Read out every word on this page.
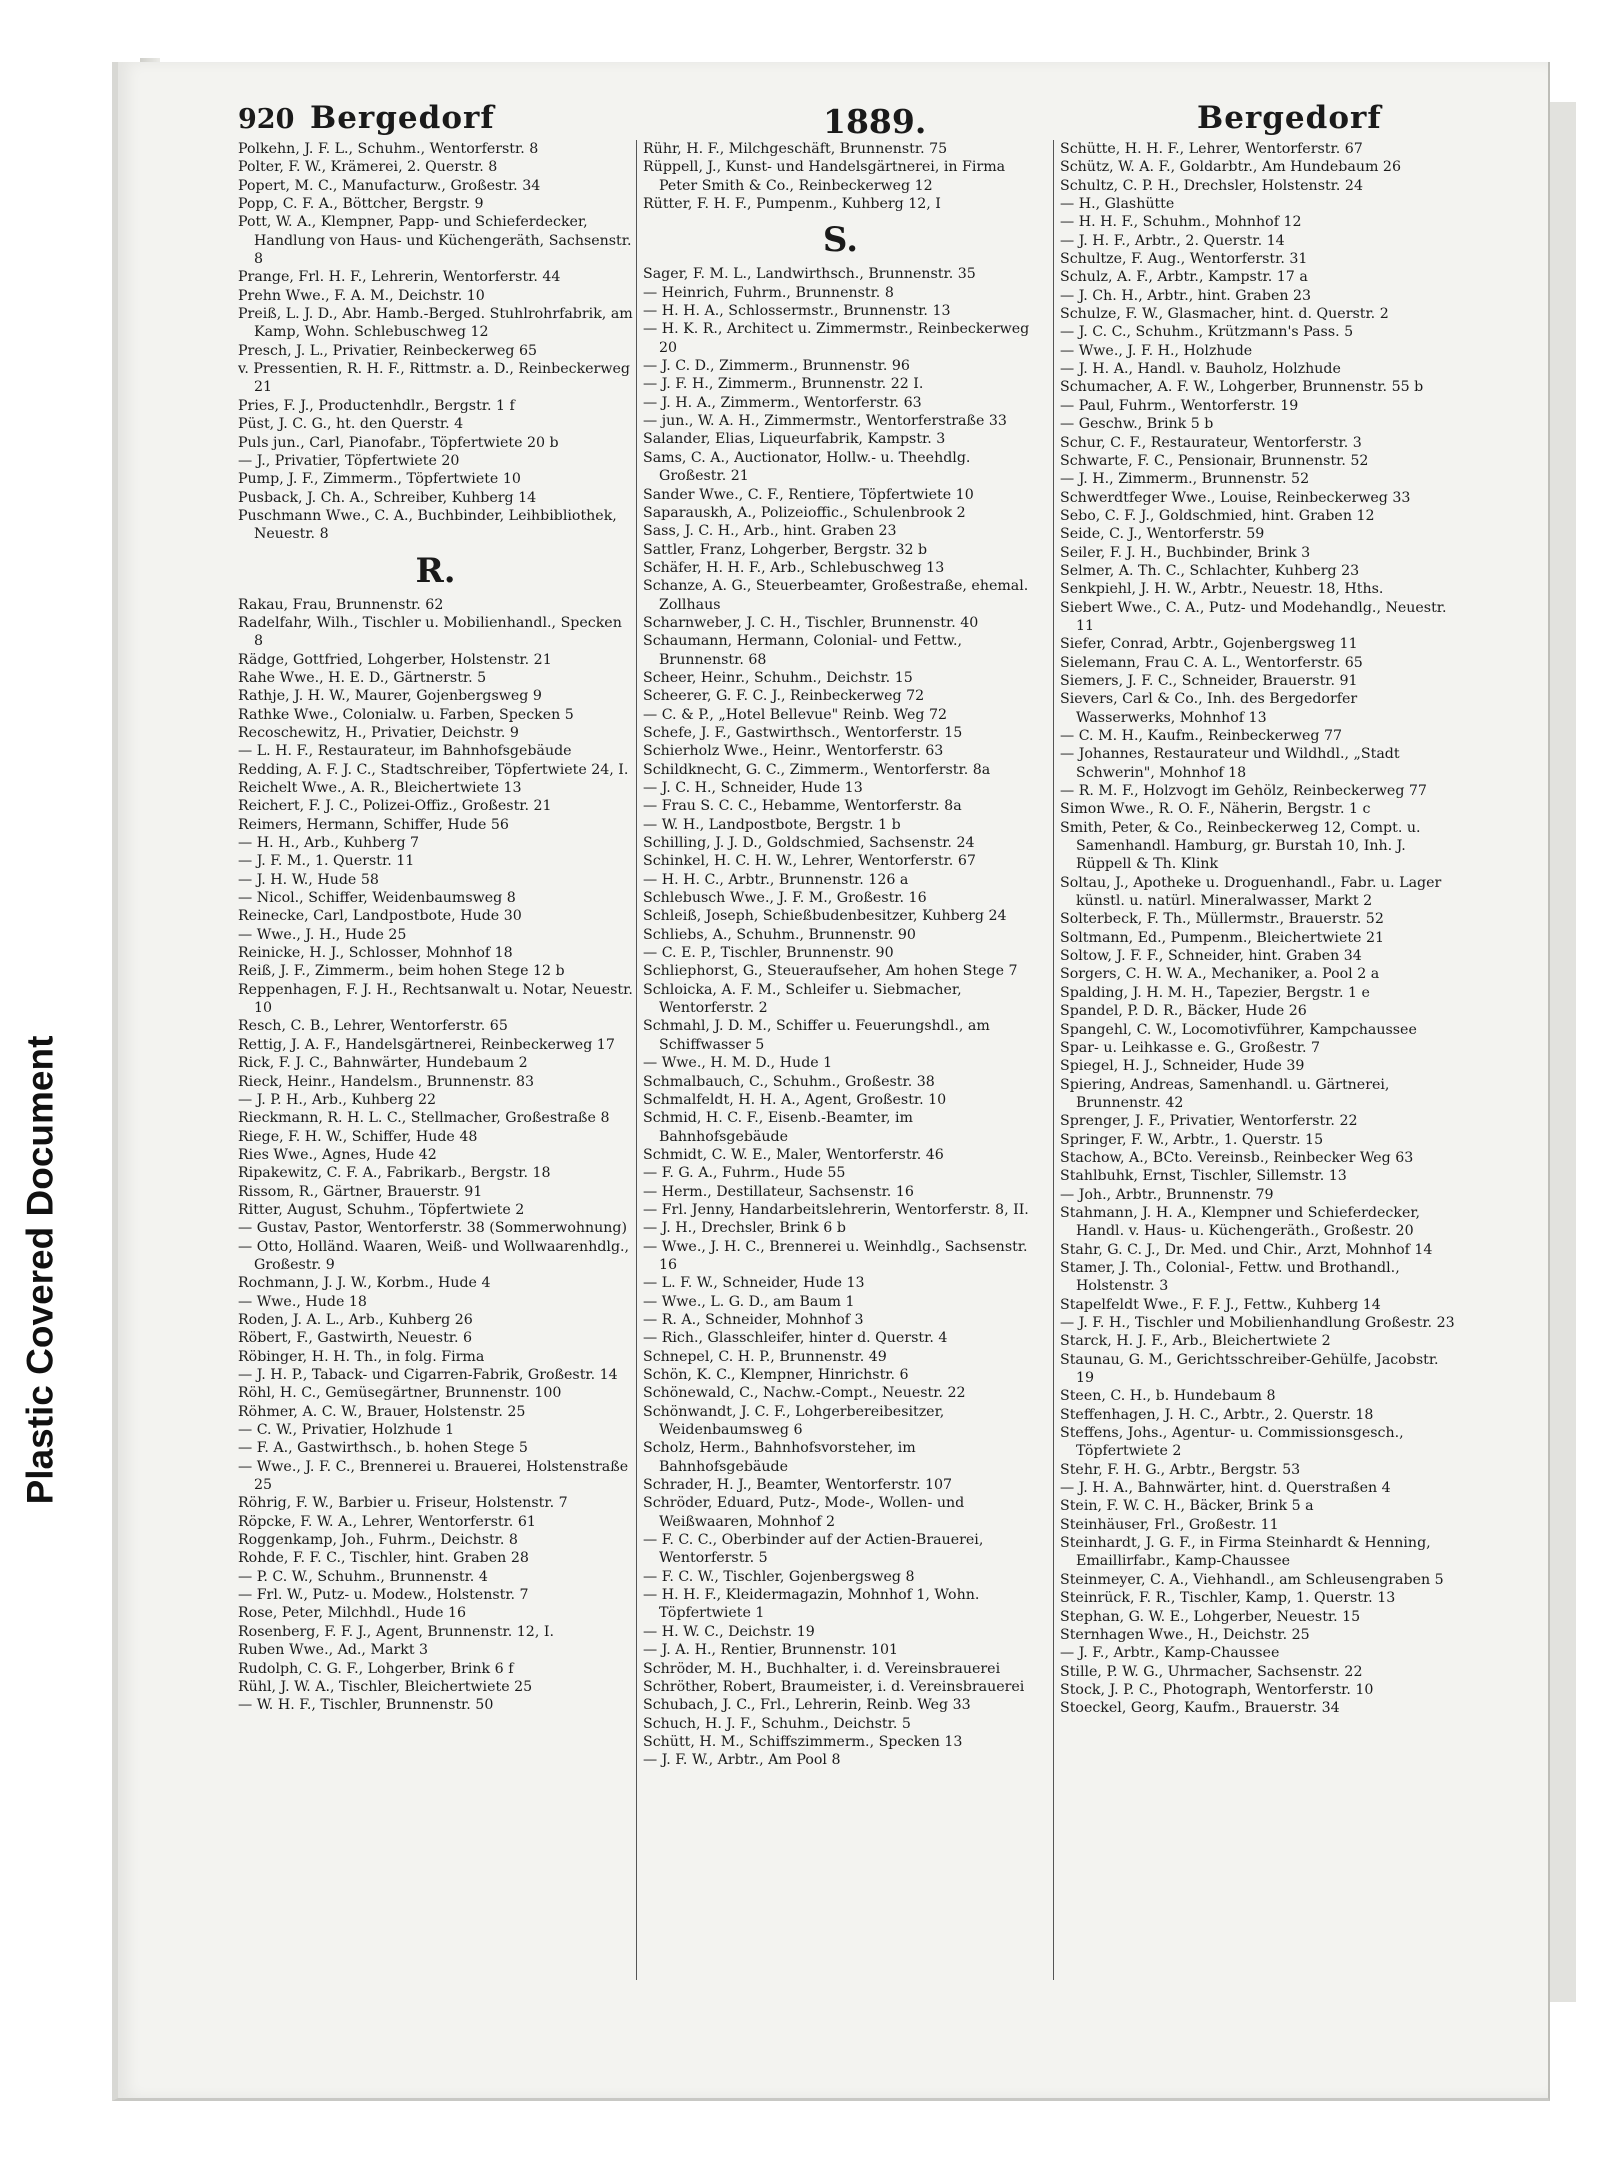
Plastic Covered Document
920 Bergedorf	1889.	Bergedorf

Polkehn, J. F. L., Schuhm., Wentorferstr. 8

Polter, F. W., Krämerei, 2. Querstr. 8

Popert, M. C., Manufacturw., Großestr. 34

Popp, C. F. A., Böttcher, Bergstr. 9

Pott, W. A., Klempner, Papp- und Schieferdecker, Handlung von Haus- und Küchengeräth, Sachsenstr. 8

Prange, Frl. H. F., Lehrerin, Wentorferstr. 44

Prehn Wwe., F. A. M., Deichstr. 10

Preiß, L. J. D., Abr. Hamb.-Berged. Stuhlrohrfabrik, am Kamp, Wohn. Schlebuschweg 12

Presch, J. L., Privatier, Reinbeckerweg 65

v. Pressentien, R. H. F., Rittmstr. a. D., Reinbeckerweg 21

Pries, F. J., Productenhdlr., Bergstr. 1 f

Püst, J. C. G., ht. den Querstr. 4

Puls jun., Carl, Pianofabr., Töpfertwiete 20 b

— J., Privatier, Töpfertwiete 20

Pump, J. F., Zimmerm., Töpfertwiete 10

Pusback, J. Ch. A., Schreiber, Kuhberg 14

Puschmann Wwe., C. A., Buchbinder, Leihbibliothek, Neuestr. 8

R.

Rakau, Frau, Brunnenstr. 62

Radelfahr, Wilh., Tischler u. Mobilienhandl., Specken 8

Rädge, Gottfried, Lohgerber, Holstenstr. 21

Rahe Wwe., H. E. D., Gärtnerstr. 5

Rathje, J. H. W., Maurer, Gojenbergsweg 9

Rathke Wwe., Colonialw. u. Farben, Specken 5

Recoschewitz, H., Privatier, Deichstr. 9

— L. H. F., Restaurateur, im Bahnhofsgebäude

Redding, A. F. J. C., Stadtschreiber, Töpfertwiete 24, I.

Reichelt Wwe., A. R., Bleichertwiete 13

Reichert, F. J. C., Polizei-Offiz., Großestr. 21

Reimers, Hermann, Schiffer, Hude 56

— H. H., Arb., Kuhberg 7

— J. F. M., 1. Querstr. 11

— J. H. W., Hude 58

— Nicol., Schiffer, Weidenbaumsweg 8

Reinecke, Carl, Landpostbote, Hude 30

— Wwe., J. H., Hude 25

Reinicke, H. J., Schlosser, Mohnhof 18

Reiß, J. F., Zimmerm., beim hohen Stege 12 b

Reppenhagen, F. J. H., Rechtsanwalt u. Notar, Neuestr. 10

Resch, C. B., Lehrer, Wentorferstr. 65

Rettig, J. A. F., Handelsgärtnerei, Reinbeckerweg 17

Rick, F. J. C., Bahnwärter, Hundebaum 2

Rieck, Heinr., Handelsm., Brunnenstr. 83

— J. P. H., Arb., Kuhberg 22

Rieckmann, R. H. L. C., Stellmacher, Großestraße 8

Riege, F. H. W., Schiffer, Hude 48

Ries Wwe., Agnes, Hude 42

Ripakewitz, C. F. A., Fabrikarb., Bergstr. 18

Rissom, R., Gärtner, Brauerstr. 91

Ritter, August, Schuhm., Töpfertwiete 2

— Gustav, Pastor, Wentorferstr. 38 (Sommerwohnung)

— Otto, Holländ. Waaren, Weiß- und Wollwaarenhdlg., Großestr. 9

Rochmann, J. J. W., Korbm., Hude 4

— Wwe., Hude 18

Roden, J. A. L., Arb., Kuhberg 26

Röbert, F., Gastwirth, Neuestr. 6

Röbinger, H. H. Th., in folg. Firma

— J. H. P., Taback- und Cigarren-Fabrik, Großestr. 14

Röhl, H. C., Gemüsegärtner, Brunnenstr. 100

Röhmer, A. C. W., Brauer, Holstenstr. 25

— C. W., Privatier, Holzhude 1

— F. A., Gastwirthsch., b. hohen Stege 5

— Wwe., J. F. C., Brennerei u. Brauerei, Holstenstraße 25

Röhrig, F. W., Barbier u. Friseur, Holstenstr. 7

Röpcke, F. W. A., Lehrer, Wentorferstr. 61

Roggenkamp, Joh., Fuhrm., Deichstr. 8

Rohde, F. F. C., Tischler, hint. Graben 28

— P. C. W., Schuhm., Brunnenstr. 4

— Frl. W., Putz- u. Modew., Holstenstr. 7

Rose, Peter, Milchhdl., Hude 16

Rosenberg, F. F. J., Agent, Brunnenstr. 12, I.

Ruben Wwe., Ad., Markt 3

Rudolph, C. G. F., Lohgerber, Brink 6 f

Rühl, J. W. A., Tischler, Bleichertwiete 25

— W. H. F., Tischler, Brunnenstr. 50

Rühr, H. F., Milchgeschäft, Brunnenstr. 75

Rüppell, J., Kunst- und Handelsgärtnerei, in Firma Peter Smith & Co., Reinbeckerweg 12

Rütter, F. H. F., Pumpenm., Kuhberg 12, I

S.

Sager, F. M. L., Landwirthsch., Brunnenstr. 35

— Heinrich, Fuhrm., Brunnenstr. 8

— H. H. A., Schlossermstr., Brunnenstr. 13

— H. K. R., Architect u. Zimmermstr., Reinbeckerweg 20

— J. C. D., Zimmerm., Brunnenstr. 96

— J. F. H., Zimmerm., Brunnenstr. 22 I.

— J. H. A., Zimmerm., Wentorferstr. 63

— jun., W. A. H., Zimmermstr., Wentorferstraße 33

Salander, Elias, Liqueurfabrik, Kampstr. 3

Sams, C. A., Auctionator, Hollw.- u. Theehdlg. Großestr. 21

Sander Wwe., C. F., Rentiere, Töpfertwiete 10

Saparauskh, A., Polizeioffic., Schulenbrook 2

Sass, J. C. H., Arb., hint. Graben 23

Sattler, Franz, Lohgerber, Bergstr. 32 b

Schäfer, H. H. F., Arb., Schlebuschweg 13

Schanze, A. G., Steuerbeamter, Großestraße, ehemal. Zollhaus

Scharnweber, J. C. H., Tischler, Brunnenstr. 40

Schaumann, Hermann, Colonial- und Fettw., Brunnenstr. 68

Scheer, Heinr., Schuhm., Deichstr. 15

Scheerer, G. F. C. J., Reinbeckerweg 72

— C. & P., „Hotel Bellevue" Reinb. Weg 72

Schefe, J. F., Gastwirthsch., Wentorferstr. 15

Schierholz Wwe., Heinr., Wentorferstr. 63

Schildknecht, G. C., Zimmerm., Wentorferstr. 8a

— J. C. H., Schneider, Hude 13

— Frau S. C. C., Hebamme, Wentorferstr. 8a

— W. H., Landpostbote, Bergstr. 1 b

Schilling, J. J. D., Goldschmied, Sachsenstr. 24

Schinkel, H. C. H. W., Lehrer, Wentorferstr. 67

— H. H. C., Arbtr., Brunnenstr. 126 a

Schlebusch Wwe., J. F. M., Großestr. 16

Schleiß, Joseph, Schießbudenbesitzer, Kuhberg 24

Schliebs, A., Schuhm., Brunnenstr. 90

— C. E. P., Tischler, Brunnenstr. 90

Schliephorst, G., Steueraufseher, Am hohen Stege 7

Schloicka, A. F. M., Schleifer u. Siebmacher, Wentorferstr. 2

Schmahl, J. D. M., Schiffer u. Feuerungshdl., am Schiffwasser 5

— Wwe., H. M. D., Hude 1

Schmalbauch, C., Schuhm., Großestr. 38

Schmalfeldt, H. H. A., Agent, Großestr. 10

Schmid, H. C. F., Eisenb.-Beamter, im Bahnhofsgebäude

Schmidt, C. W. E., Maler, Wentorferstr. 46

— F. G. A., Fuhrm., Hude 55

— Herm., Destillateur, Sachsenstr. 16

— Frl. Jenny, Handarbeitslehrerin, Wentorferstr. 8, II.

— J. H., Drechsler, Brink 6 b

— Wwe., J. H. C., Brennerei u. Weinhdlg., Sachsenstr. 16

— L. F. W., Schneider, Hude 13

— Wwe., L. G. D., am Baum 1

— R. A., Schneider, Mohnhof 3

— Rich., Glasschleifer, hinter d. Querstr. 4

Schnepel, C. H. P., Brunnenstr. 49

Schön, K. C., Klempner, Hinrichstr. 6

Schönewald, C., Nachw.-Compt., Neuestr. 22

Schönwandt, J. C. F., Lohgerbereibesitzer, Weidenbaumsweg 6

Scholz, Herm., Bahnhofsvorsteher, im Bahnhofsgebäude

Schrader, H. J., Beamter, Wentorferstr. 107

Schröder, Eduard, Putz-, Mode-, Wollen- und Weißwaaren, Mohnhof 2

— F. C. C., Oberbinder auf der Actien-Brauerei, Wentorferstr. 5

— F. C. W., Tischler, Gojenbergsweg 8

— H. H. F., Kleidermagazin, Mohnhof 1, Wohn. Töpfertwiete 1

— H. W. C., Deichstr. 19

— J. A. H., Rentier, Brunnenstr. 101

Schröder, M. H., Buchhalter, i. d. Vereinsbrauerei

Schröther, Robert, Braumeister, i. d. Vereinsbrauerei

Schubach, J. C., Frl., Lehrerin, Reinb. Weg 33

Schuch, H. J. F., Schuhm., Deichstr. 5

Schütt, H. M., Schiffszimmerm., Specken 13

— J. F. W., Arbtr., Am Pool 8

Schütte, H. H. F., Lehrer, Wentorferstr. 67

Schütz, W. A. F., Goldarbtr., Am Hundebaum 26

Schultz, C. P. H., Drechsler, Holstenstr. 24

— H., Glashütte

— H. H. F., Schuhm., Mohnhof 12

— J. H. F., Arbtr., 2. Querstr. 14

Schultze, F. Aug., Wentorferstr. 31

Schulz, A. F., Arbtr., Kampstr. 17 a

— J. Ch. H., Arbtr., hint. Graben 23

Schulze, F. W., Glasmacher, hint. d. Querstr. 2

— J. C. C., Schuhm., Krützmann's Pass. 5

— Wwe., J. F. H., Holzhude

— J. H. A., Handl. v. Bauholz, Holzhude

Schumacher, A. F. W., Lohgerber, Brunnenstr. 55 b

— Paul, Fuhrm., Wentorferstr. 19

— Geschw., Brink 5 b

Schur, C. F., Restaurateur, Wentorferstr. 3

Schwarte, F. C., Pensionair, Brunnenstr. 52

— J. H., Zimmerm., Brunnenstr. 52

Schwerdtfeger Wwe., Louise, Reinbeckerweg 33

Sebo, C. F. J., Goldschmied, hint. Graben 12

Seide, C. J., Wentorferstr. 59

Seiler, F. J. H., Buchbinder, Brink 3

Selmer, A. Th. C., Schlachter, Kuhberg 23

Senkpiehl, J. H. W., Arbtr., Neuestr. 18, Hths.

Siebert Wwe., C. A., Putz- und Modehandlg., Neuestr. 11

Siefer, Conrad, Arbtr., Gojenbergsweg 11

Sielemann, Frau C. A. L., Wentorferstr. 65

Siemers, J. F. C., Schneider, Brauerstr. 91

Sievers, Carl & Co., Inh. des Bergedorfer Wasserwerks, Mohnhof 13

— C. M. H., Kaufm., Reinbeckerweg 77

— Johannes, Restaurateur und Wildhdl., „Stadt Schwerin", Mohnhof 18

— R. M. F., Holzvogt im Gehölz, Reinbeckerweg 77

Simon Wwe., R. O. F., Näherin, Bergstr. 1 c

Smith, Peter, & Co., Reinbeckerweg 12, Compt. u. Samenhandl. Hamburg, gr. Burstah 10, Inh. J. Rüppell & Th. Klink

Soltau, J., Apotheke u. Droguenhandl., Fabr. u. Lager künstl. u. natürl. Mineralwasser, Markt 2

Solterbeck, F. Th., Müllermstr., Brauerstr. 52

Soltmann, Ed., Pumpenm., Bleichertwiete 21

Soltow, J. F. F., Schneider, hint. Graben 34

Sorgers, C. H. W. A., Mechaniker, a. Pool 2 a

Spalding, J. H. M. H., Tapezier, Bergstr. 1 e

Spandel, P. D. R., Bäcker, Hude 26

Spangehl, C. W., Locomotivführer, Kampchaussee

Spar- u. Leihkasse e. G., Großestr. 7

Spiegel, H. J., Schneider, Hude 39

Spiering, Andreas, Samenhandl. u. Gärtnerei, Brunnenstr. 42

Sprenger, J. F., Privatier, Wentorferstr. 22

Springer, F. W., Arbtr., 1. Querstr. 15

Stachow, A., BCto. Vereinsb., Reinbecker Weg 63

Stahlbuhk, Ernst, Tischler, Sillemstr. 13

— Joh., Arbtr., Brunnenstr. 79

Stahmann, J. H. A., Klempner und Schieferdecker, Handl. v. Haus- u. Küchengeräth., Großestr. 20

Stahr, G. C. J., Dr. Med. und Chir., Arzt, Mohnhof 14

Stamer, J. Th., Colonial-, Fettw. und Brothandl., Holstenstr. 3

Stapelfeldt Wwe., F. F. J., Fettw., Kuhberg 14

— J. F. H., Tischler und Mobilienhandlung Großestr. 23

Starck, H. J. F., Arb., Bleichertwiete 2

Staunau, G. M., Gerichtsschreiber-Gehülfe, Jacobstr. 19

Steen, C. H., b. Hundebaum 8

Steffenhagen, J. H. C., Arbtr., 2. Querstr. 18

Steffens, Johs., Agentur- u. Commissionsgesch., Töpfertwiete 2

Stehr, F. H. G., Arbtr., Bergstr. 53

— J. H. A., Bahnwärter, hint. d. Querstraßen 4

Stein, F. W. C. H., Bäcker, Brink 5 a

Steinhäuser, Frl., Großestr. 11

Steinhardt, J. G. F., in Firma Steinhardt & Henning, Emaillirfabr., Kamp-Chaussee

Steinmeyer, C. A., Viehhandl., am Schleusengraben 5

Steinrück, F. R., Tischler, Kamp, 1. Querstr. 13

Stephan, G. W. E., Lohgerber, Neuestr. 15

Sternhagen Wwe., H., Deichstr. 25

— J. F., Arbtr., Kamp-Chaussee

Stille, P. W. G., Uhrmacher, Sachsenstr. 22

Stock, J. P. C., Photograph, Wentorferstr. 10

Stoeckel, Georg, Kaufm., Brauerstr. 34
